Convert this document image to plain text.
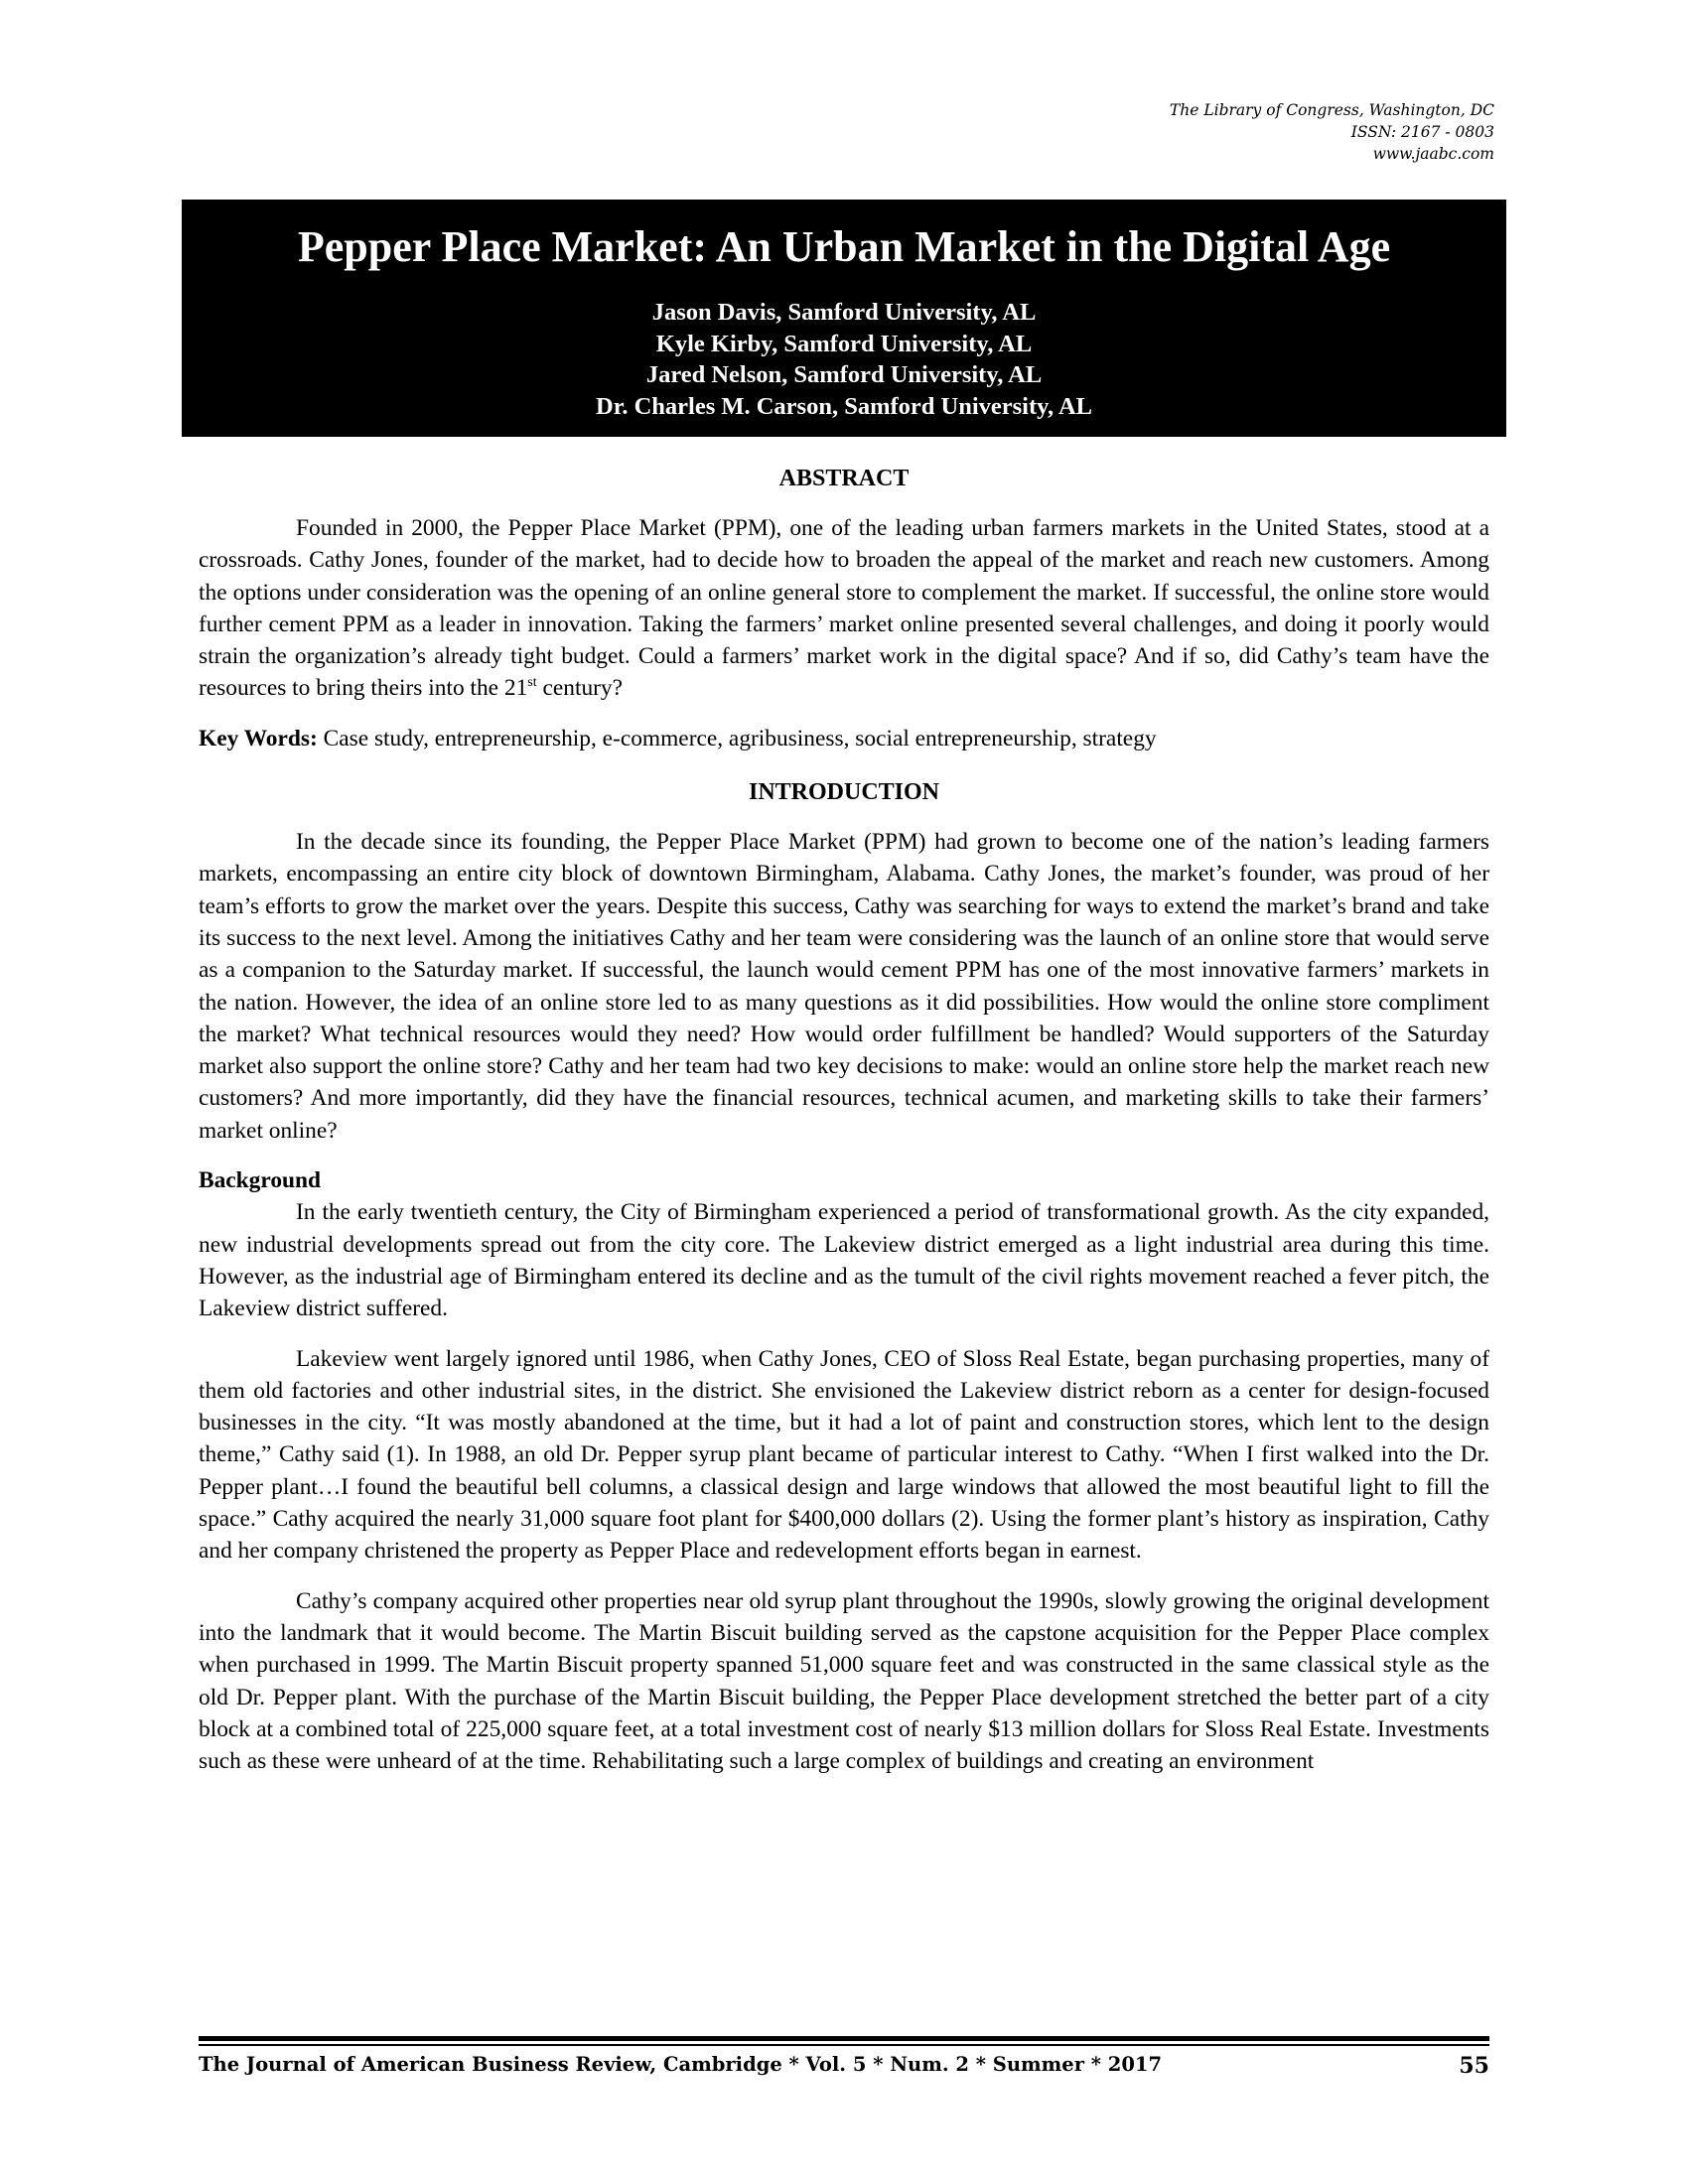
The Library of Congress, Washington, DC
ISSN: 2167 - 0803
www.jaabc.com
Pepper Place Market: An Urban Market in the Digital Age
Jason Davis, Samford University, AL
Kyle Kirby, Samford University, AL
Jared Nelson, Samford University, AL
Dr. Charles M. Carson, Samford University, AL

ABSTRACT

Founded in 2000, the Pepper Place Market (PPM), one of the leading urban farmers markets in the United States, stood at a crossroads. Cathy Jones, founder of the market, had to decide how to broaden the appeal of the market and reach new customers. Among the options under consideration was the opening of an online general store to complement the market. If successful, the online store would further cement PPM as a leader in innovation. Taking the farmers’ market online presented several challenges, and doing it poorly would strain the organization’s already tight budget. Could a farmers’ market work in the digital space? And if so, did Cathy’s team have the resources to bring theirs into the 21st century?

Key Words: Case study, entrepreneurship, e-commerce, agribusiness, social entrepreneurship, strategy

INTRODUCTION

In the decade since its founding, the Pepper Place Market (PPM) had grown to become one of the nation’s leading farmers markets, encompassing an entire city block of downtown Birmingham, Alabama. Cathy Jones, the market’s founder, was proud of her team’s efforts to grow the market over the years. Despite this success, Cathy was searching for ways to extend the market’s brand and take its success to the next level. Among the initiatives Cathy and her team were considering was the launch of an online store that would serve as a companion to the Saturday market. If successful, the launch would cement PPM has one of the most innovative farmers’ markets in the nation. However, the idea of an online store led to as many questions as it did possibilities. How would the online store compliment the market? What technical resources would they need? How would order fulfillment be handled? Would supporters of the Saturday market also support the online store? Cathy and her team had two key decisions to make: would an online store help the market reach new customers? And more importantly, did they have the financial resources, technical acumen, and marketing skills to take their farmers’ market online?

Background

In the early twentieth century, the City of Birmingham experienced a period of transformational growth. As the city expanded, new industrial developments spread out from the city core. The Lakeview district emerged as a light industrial area during this time. However, as the industrial age of Birmingham entered its decline and as the tumult of the civil rights movement reached a fever pitch, the Lakeview district suffered.

Lakeview went largely ignored until 1986, when Cathy Jones, CEO of Sloss Real Estate, began purchasing properties, many of them old factories and other industrial sites, in the district. She envisioned the Lakeview district reborn as a center for design-focused businesses in the city. “It was mostly abandoned at the time, but it had a lot of paint and construction stores, which lent to the design theme,” Cathy said (1). In 1988, an old Dr. Pepper syrup plant became of particular interest to Cathy. “When I first walked into the Dr. Pepper plant…I found the beautiful bell columns, a classical design and large windows that allowed the most beautiful light to fill the space.” Cathy acquired the nearly 31,000 square foot plant for $400,000 dollars (2). Using the former plant’s history as inspiration, Cathy and her company christened the property as Pepper Place and redevelopment efforts began in earnest.

Cathy’s company acquired other properties near old syrup plant throughout the 1990s, slowly growing the original development into the landmark that it would become. The Martin Biscuit building served as the capstone acquisition for the Pepper Place complex when purchased in 1999. The Martin Biscuit property spanned 51,000 square feet and was constructed in the same classical style as the old Dr. Pepper plant. With the purchase of the Martin Biscuit building, the Pepper Place development stretched the better part of a city block at a combined total of 225,000 square feet, at a total investment cost of nearly $13 million dollars for Sloss Real Estate. Investments such as these were unheard of at the time. Rehabilitating such a large complex of buildings and creating an environment

The Journal of American Business Review, Cambridge * Vol. 5 * Num. 2 * Summer * 2017	55
